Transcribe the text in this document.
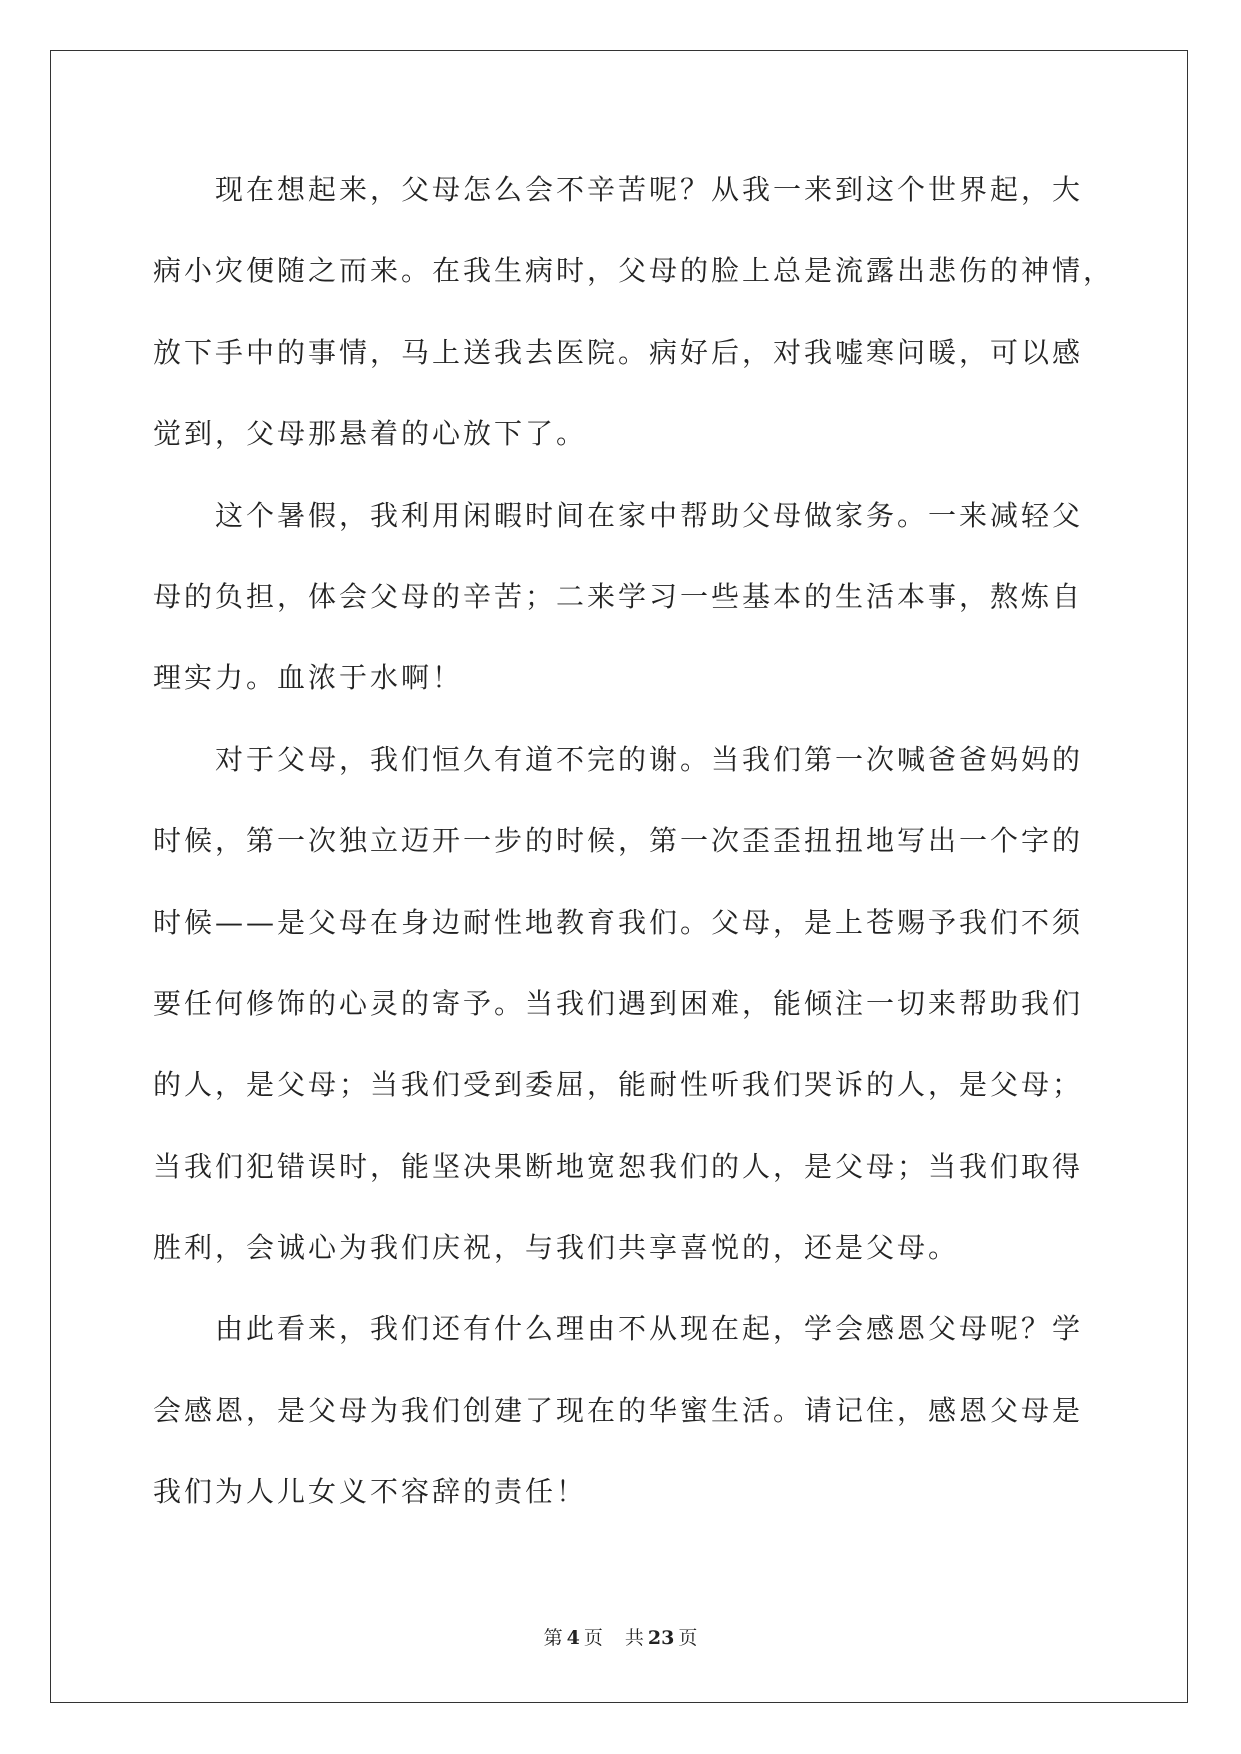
现在想起来，父母怎么会不辛苦呢？从我一来到这个世界起，大
病小灾便随之而来。在我生病时，父母的脸上总是流露出悲伤的神情，
放下手中的事情，马上送我去医院。病好后，对我嘘寒问暖，可以感
觉到，父母那悬着的心放下了。
这个暑假，我利用闲暇时间在家中帮助父母做家务。一来减轻父
母的负担，体会父母的辛苦；二来学习一些基本的生活本事，熬炼自
理实力。血浓于水啊！
对于父母，我们恒久有道不完的谢。当我们第一次喊爸爸妈妈的
时候，第一次独立迈开一步的时候，第一次歪歪扭扭地写出一个字的
时候——是父母在身边耐性地教育我们。父母，是上苍赐予我们不须
要任何修饰的心灵的寄予。当我们遇到困难，能倾注一切来帮助我们
的人，是父母；当我们受到委屈，能耐性听我们哭诉的人，是父母；
当我们犯错误时，能坚决果断地宽恕我们的人，是父母；当我们取得
胜利，会诚心为我们庆祝，与我们共享喜悦的，还是父母。
由此看来，我们还有什么理由不从现在起，学会感恩父母呢？学
会感恩，是父母为我们创建了现在的华蜜生活。请记住，感恩父母是
我们为人儿女义不容辞的责任！
第 4 页 共 23 页
